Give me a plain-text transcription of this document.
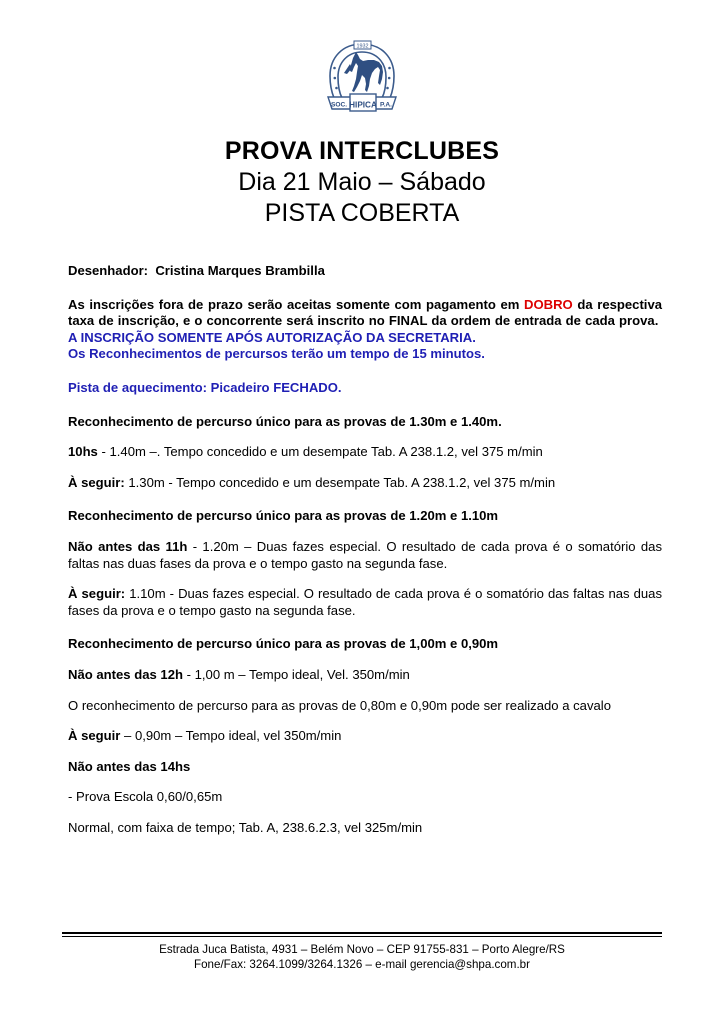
1932
SOC. HIPICA P.A.
PROVA INTERCLUBES
Dia 21 Maio – Sábado
PISTA COBERTA

Desenhador: Cristina Marques Brambilla

As inscrições fora de prazo serão aceitas somente com pagamento em DOBRO da respectiva taxa de inscrição, e o concorrente será inscrito no FINAL da ordem de entrada de cada prova.  A INSCRIÇÃO SOMENTE APÓS AUTORIZAÇÃO DA SECRETARIA.

Os Reconhecimentos de percursos terão um tempo de 15 minutos.

Pista de aquecimento: Picadeiro FECHADO.

Reconhecimento de percurso único para as provas de 1.30m e 1.40m.

10hs - 1.40m –. Tempo concedido e um desempate Tab. A 238.1.2, vel 375 m/min

À seguir: 1.30m - Tempo concedido e um desempate Tab. A 238.1.2, vel 375 m/min

Reconhecimento de percurso único para as provas de 1.20m e 1.10m

Não antes das 11h - 1.20m – Duas fazes especial. O resultado de cada prova é o somatório das faltas nas duas fases da prova e o tempo gasto na segunda fase.

À seguir: 1.10m - Duas fazes especial. O resultado de cada prova é o somatório das faltas nas duas fases da prova e o tempo gasto na segunda fase.

Reconhecimento de percurso único para as provas de 1,00m e 0,90m

Não antes das 12h - 1,00 m – Tempo ideal, Vel. 350m/min

O reconhecimento de percurso para as provas de 0,80m e 0,90m pode ser realizado a cavalo

À seguir – 0,90m – Tempo ideal, vel 350m/min

Não antes das 14hs

- Prova Escola 0,60/0,65m

Normal, com faixa de tempo; Tab. A, 238.6.2.3, vel 325m/min

Estrada Juca Batista, 4931 – Belém Novo – CEP 91755-831 – Porto Alegre/RS
Fone/Fax: 3264.1099/3264.1326 – e-mail gerencia@shpa.com.br
